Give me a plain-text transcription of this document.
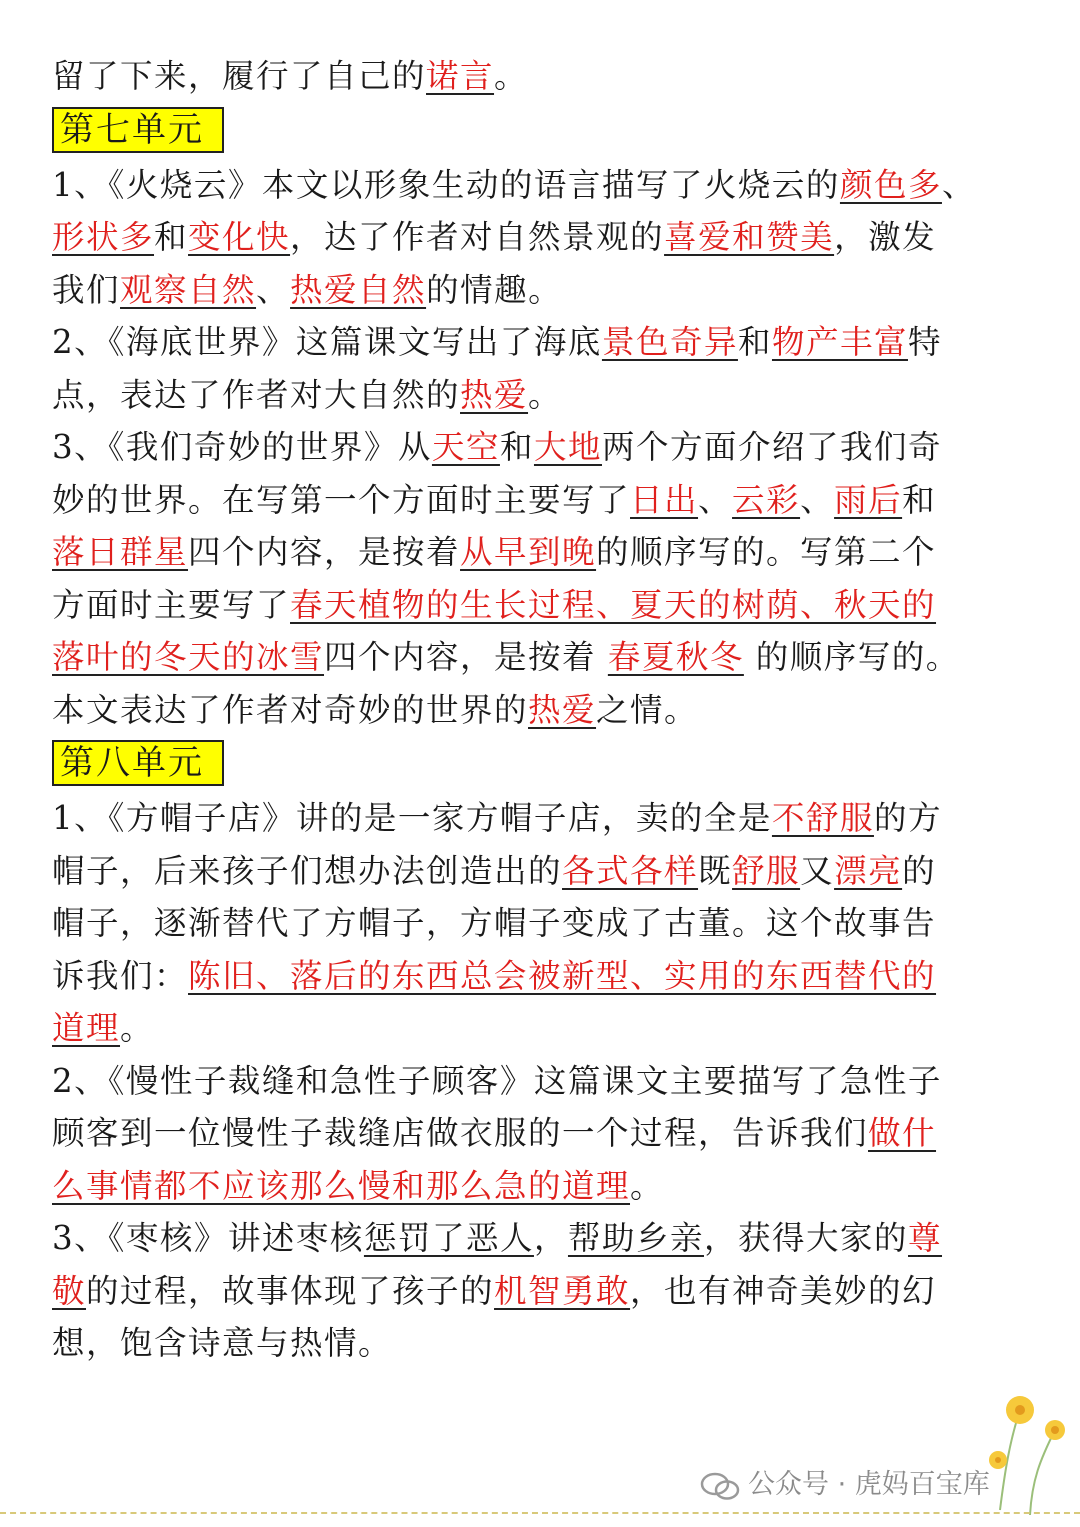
留了下来，履行了自己的诺言。
第七单元
1、《火烧云》本文以形象生动的语言描写了火烧云的颜色多、
形状多和变化快，达了作者对自然景观的喜爱和赞美，激发
我们观察自然、热爱自然的情趣。
2、《海底世界》这篇课文写出了海底景色奇异和物产丰富特
点，表达了作者对大自然的热爱。
3、《我们奇妙的世界》从天空和大地两个方面介绍了我们奇
妙的世界。在写第一个方面时主要写了日出、云彩、雨后和
落日群星四个内容，是按着从早到晚的顺序写的。写第二个
方面时主要写了春天植物的生长过程、夏天的树荫、秋天的
落叶的冬天的冰雪四个内容，是按着 春夏秋冬 的顺序写的。
本文表达了作者对奇妙的世界的热爱之情。
第八单元
1、《方帽子店》讲的是一家方帽子店，卖的全是不舒服的方
帽子，后来孩子们想办法创造出的各式各样既舒服又漂亮的
帽子，逐渐替代了方帽子，方帽子变成了古董。这个故事告
诉我们：陈旧、落后的东西总会被新型、实用的东西替代的
道理。
2、《慢性子裁缝和急性子顾客》这篇课文主要描写了急性子
顾客到一位慢性子裁缝店做衣服的一个过程，告诉我们做什
么事情都不应该那么慢和那么急的道理。
3、《枣核》讲述枣核惩罚了恶人，帮助乡亲，获得大家的尊
敬的过程，故事体现了孩子的机智勇敢，也有神奇美妙的幻
想，饱含诗意与热情。
公众号 · 虎妈百宝库
